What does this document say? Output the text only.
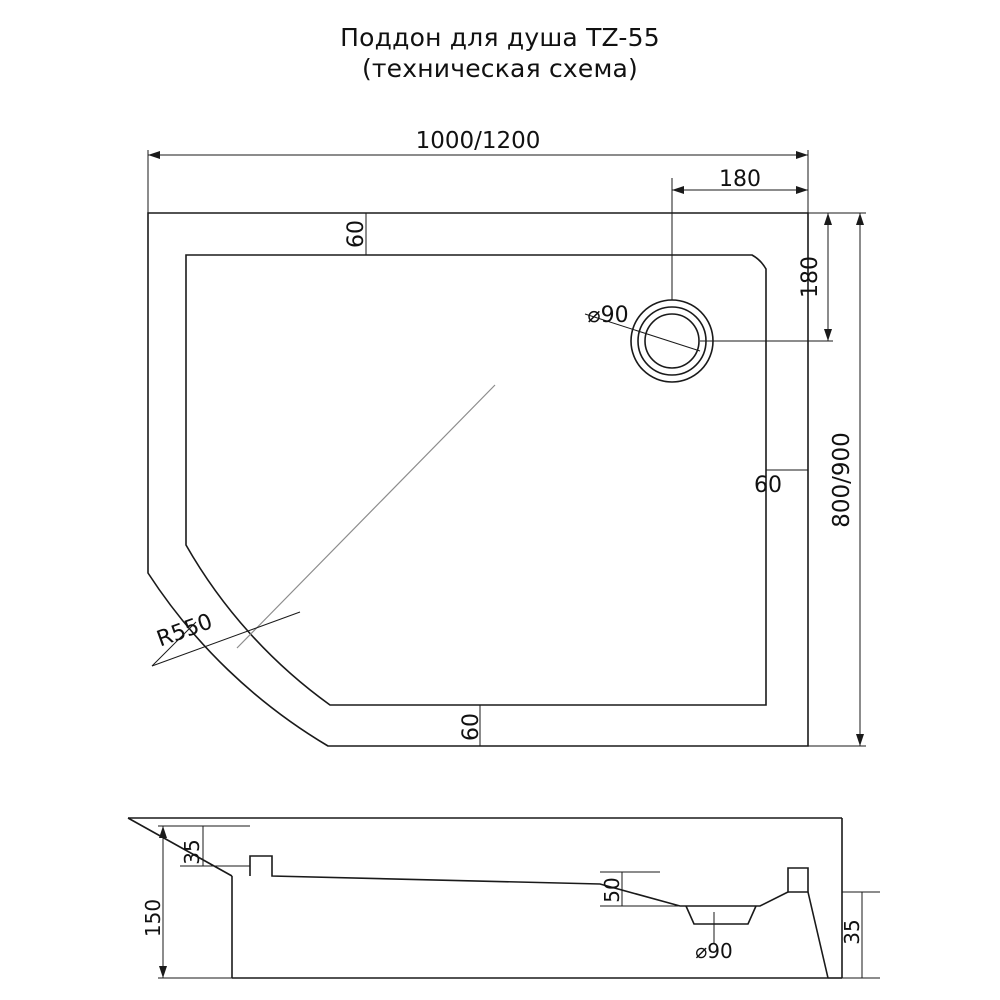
Поддон для душа TZ-55
(техническая схема)
1000/1200
180
180
800/900
60
60
60
R550
⌀90
35
150
50
35
⌀90
